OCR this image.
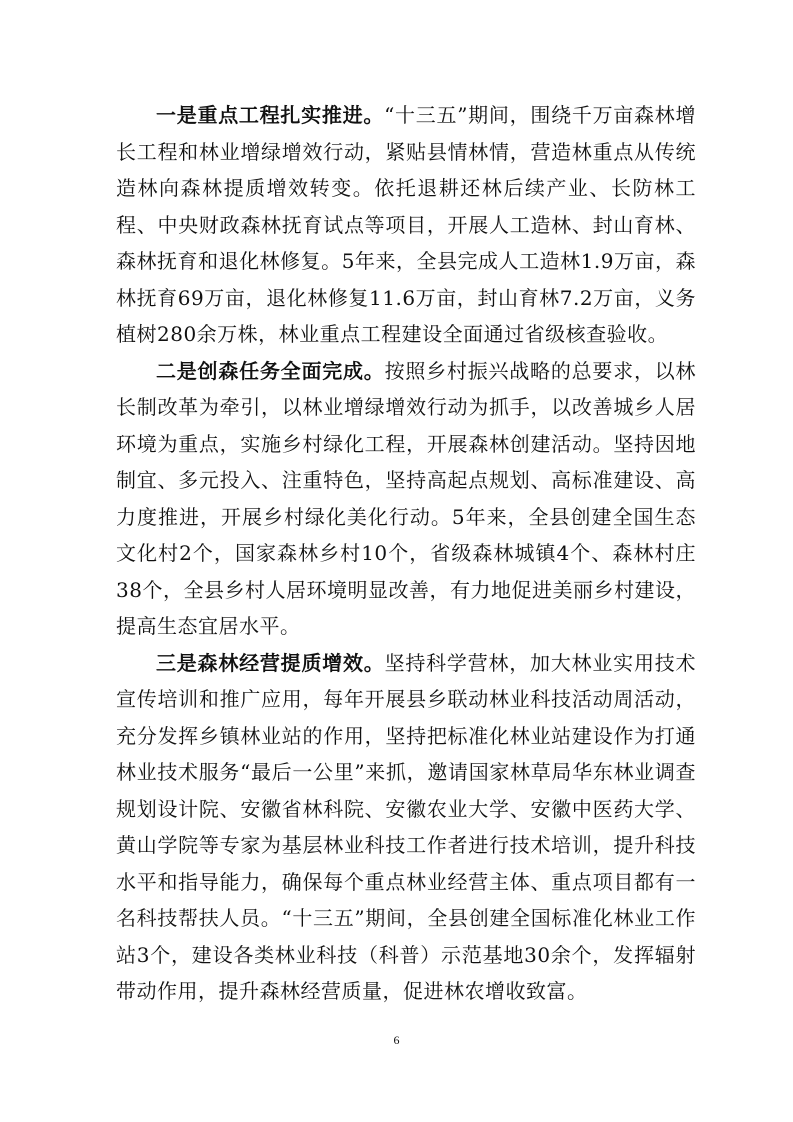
一是重点工程扎实推进。“十三五”期间，围绕千万亩森林增长工程和林业增绿增效行动，紧贴县情林情，营造林重点从传统造林向森林提质增效转变。依托退耕还林后续产业、长防林工程、中央财政森林抚育试点等项目，开展人工造林、封山育林、森林抚育和退化林修复。5年来，全县完成人工造林1.9万亩，森林抚育69万亩，退化林修复11.6万亩，封山育林7.2万亩，义务植树280余万株，林业重点工程建设全面通过省级核查验收。

二是创森任务全面完成。按照乡村振兴战略的总要求，以林长制改革为牵引，以林业增绿增效行动为抓手，以改善城乡人居环境为重点，实施乡村绿化工程，开展森林创建活动。坚持因地制宜、多元投入、注重特色，坚持高起点规划、高标准建设、高力度推进，开展乡村绿化美化行动。5年来，全县创建全国生态文化村2个，国家森林乡村10个，省级森林城镇4个、森林村庄38个，全县乡村人居环境明显改善，有力地促进美丽乡村建设，提高生态宜居水平。

三是森林经营提质增效。坚持科学营林，加大林业实用技术宣传培训和推广应用，每年开展县乡联动林业科技活动周活动，充分发挥乡镇林业站的作用，坚持把标准化林业站建设作为打通林业技术服务“最后一公里”来抓，邀请国家林草局华东林业调查规划设计院、安徽省林科院、安徽农业大学、安徽中医药大学、黄山学院等专家为基层林业科技工作者进行技术培训，提升科技水平和指导能力，确保每个重点林业经营主体、重点项目都有一名科技帮扶人员。“十三五”期间，全县创建全国标准化林业工作站3个，建设各类林业科技（科普）示范基地30余个，发挥辐射带动作用，提升森林经营质量，促进林农增收致富。

6
